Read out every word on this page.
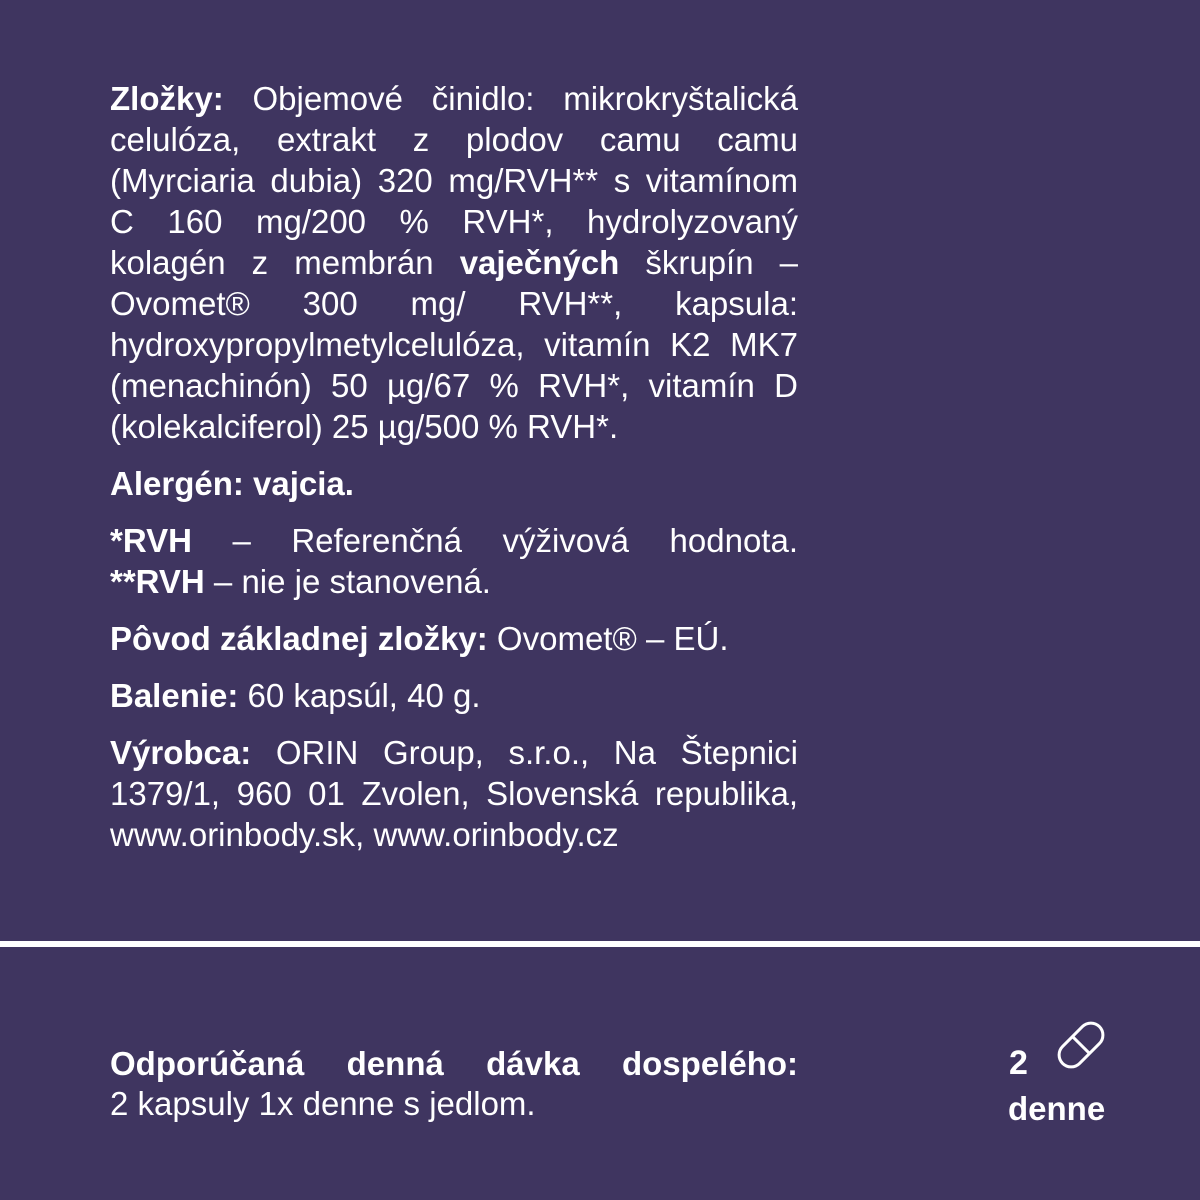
Zložky: Objemové činidlo: mikrokryštalická celulóza, extrakt z plodov camu camu (Myrciaria dubia) 320 mg/RVH** s vitamínom C 160 mg/200 % RVH*, hydrolyzovaný kolagén z membrán vaječných škrupín – Ovomet® 300 mg/ RVH**, kapsula: hydroxypropylmetylcelulóza, vitamín K2 MK7 (menachinón) 50 µg/67 % RVH*, vitamín D (kolekalciferol) 25 µg/500 % RVH*.

Alergén: vajcia.

*RVH – Referenčná výživová hodnota.
**RVH – nie je stanovená.

Pôvod základnej zložky: Ovomet® – EÚ.

Balenie: 60 kapsúl, 40 g.

Výrobca: ORIN Group, s.r.o., Na Štepnici 1379/1, 960 01 Zvolen, Slovenská republika, www.orinbody.sk, www.orinbody.cz

Odporúčaná denná dávka dospelého:
2 kapsuly 1x denne s jedlom.
2
denne
